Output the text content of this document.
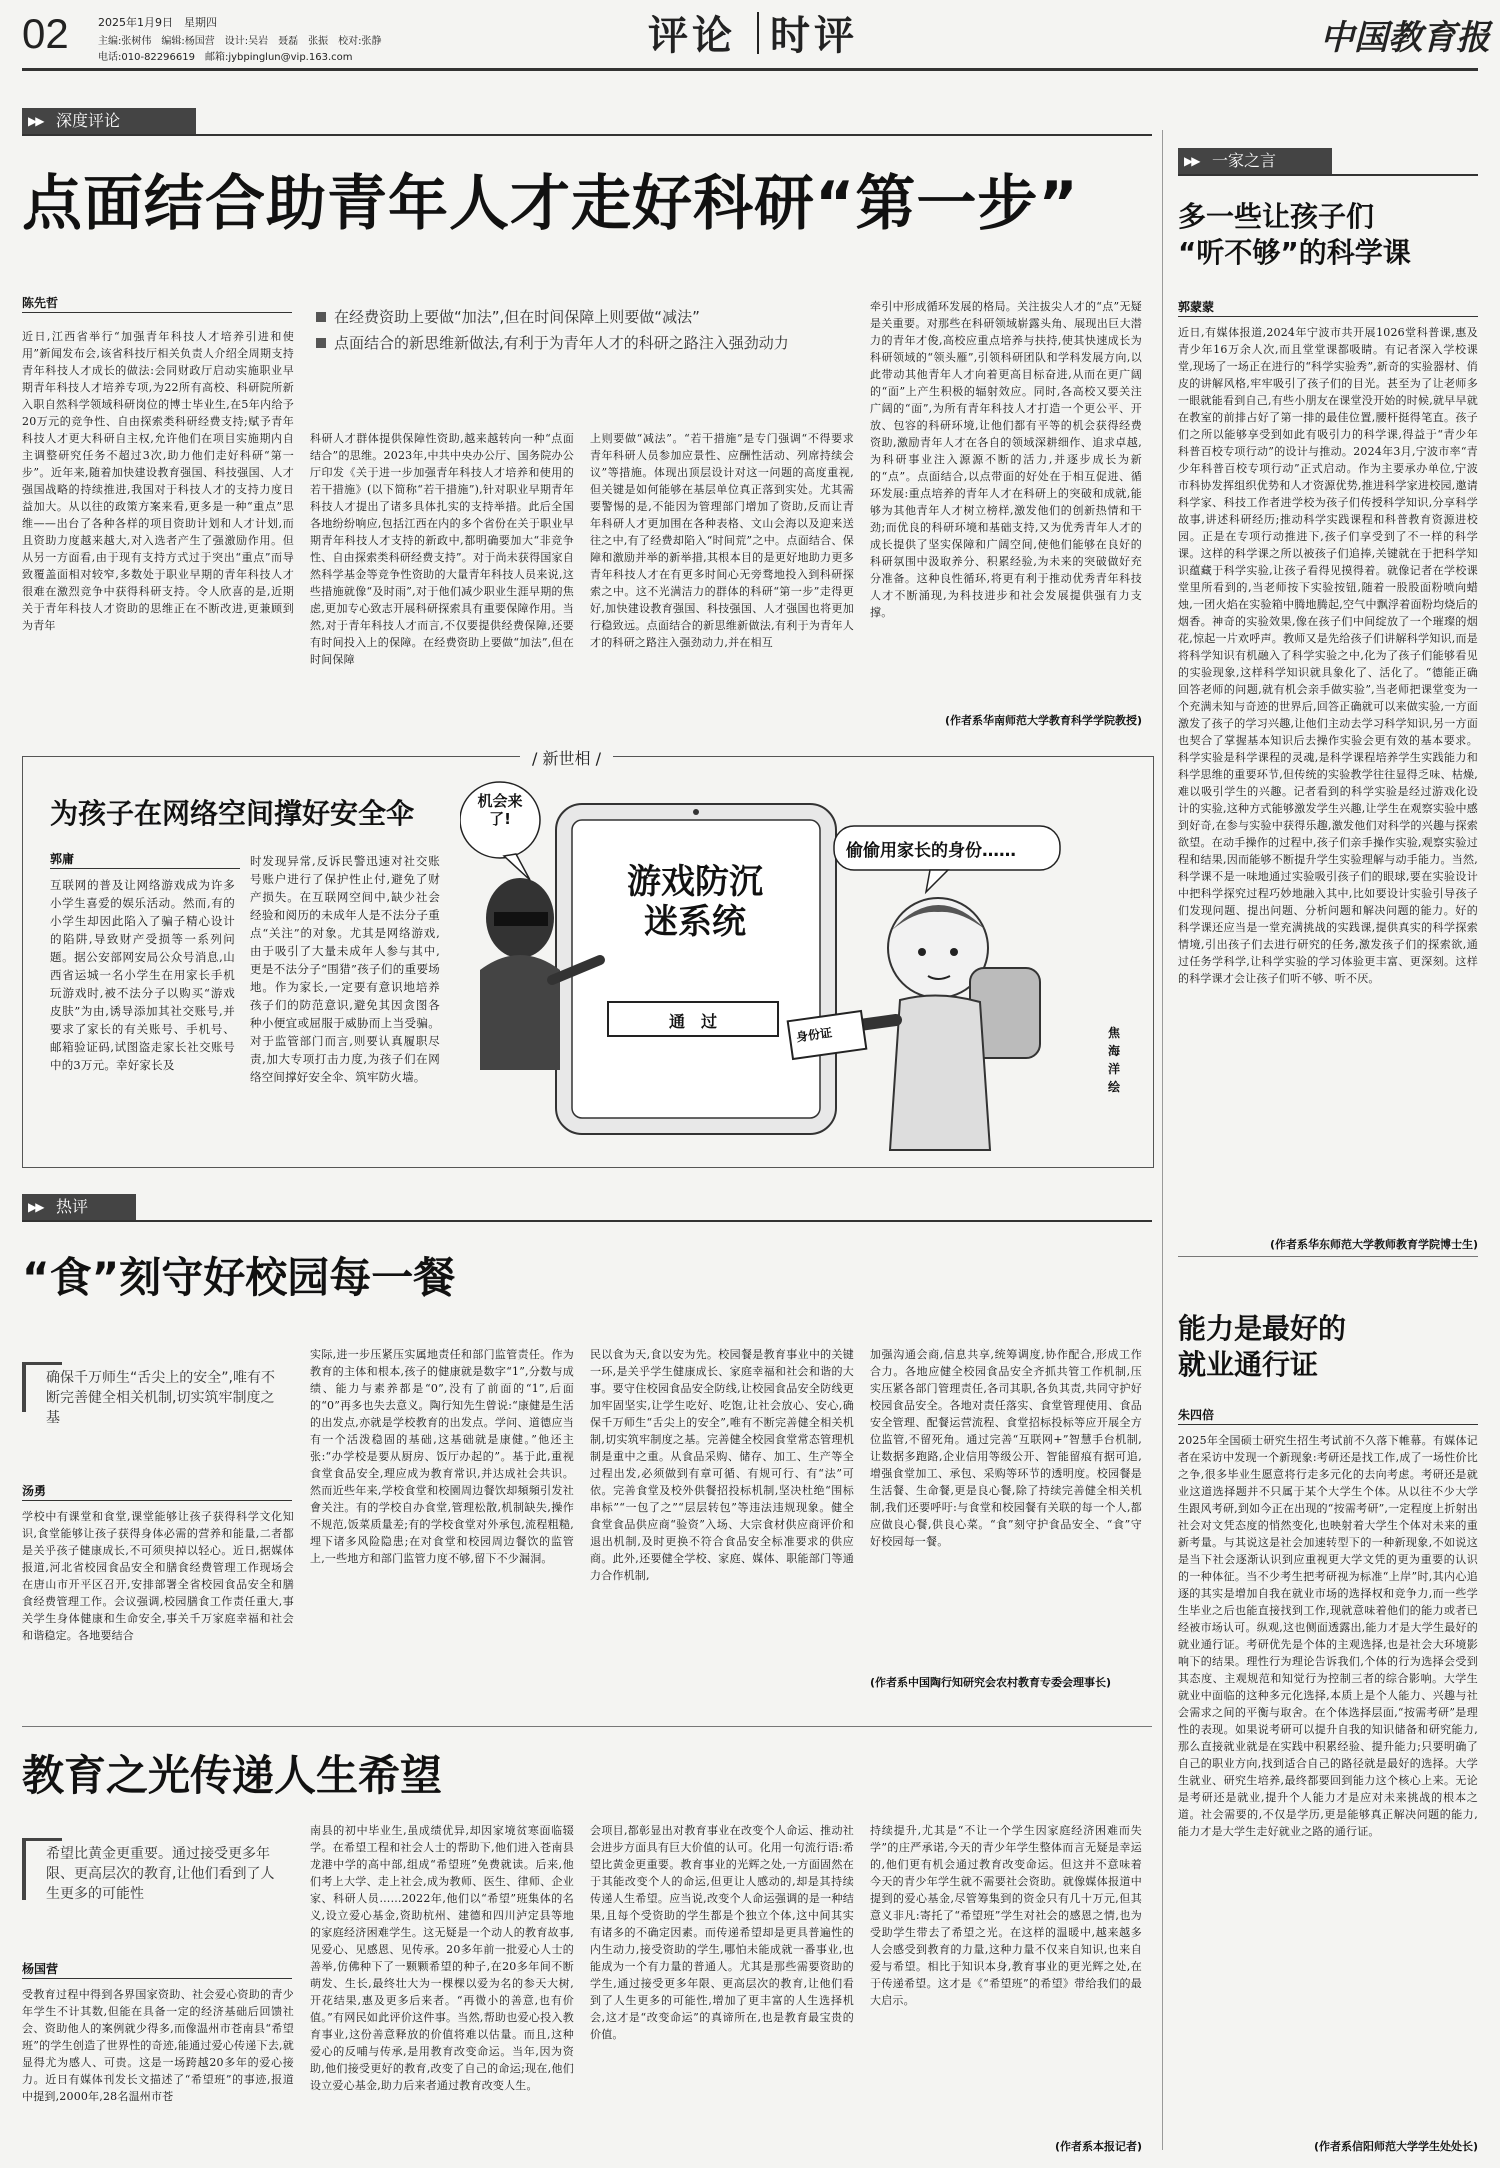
02	2025年1月9日　星期四
主编:张树伟　编辑:杨国营　设计:吴岩　聂磊　张振　校对:张静
电话:010-82296619　邮箱:jybpinglun@vip.163.com	评论 时评	中国教育报
▶▶ 深度评论
点面结合助青年人才走好科研“第一步”
陈先哲
在经费资助上要做“加法”,但在时间保障上则要做“减法”
点面结合的新思维新做法,有利于为青年人才的科研之路注入强劲动力
近日,江西省举行“加强青年科技人才培养引进和使用”新闻发布会,该省科技厅相关负责人介绍全周期支持青年科技人才成长的做法:会同财政厅启动实施职业早期青年科技人才培养专项,为22所有高校、科研院所新入职自然科学领域科研岗位的博士毕业生,在5年内给予20万元的竞争性、自由探索类科研经费支持;赋予青年科技人才更大科研自主权,允许他们在项目实施期内自主调整研究任务不超过3次,助力他们走好科研“第一步”。近年来,随着加快建设教育强国、科技强国、人才强国战略的持续推进,我国对于科技人才的支持力度日益加大。从以往的政策方案来看,更多是一种“重点”思维——出台了各种各样的项目资助计划和人才计划,而且资助力度越来越大,对入选者产生了强激励作用。但从另一方面看,由于现有支持方式过于突出“重点”而导致覆盖面相对较窄,多数处于职业早期的青年科技人才很难在激烈竞争中获得科研支持。令人欣喜的是,近期关于青年科技人才资助的思维正在不断改进,更兼顾到为青年
科研人才群体提供保障性资助,越来越转向一种“点面结合”的思维。2023年,中共中央办公厅、国务院办公厅印发《关于进一步加强青年科技人才培养和使用的若干措施》(以下简称“若干措施”),针对职业早期青年科技人才提出了诸多具体扎实的支持举措。此后全国各地纷纷响应,包括江西在内的多个省份在关于职业早期青年科技人才支持的新政中,都明确要加大“非竞争性、自由探索类科研经费支持”。对于尚未获得国家自然科学基金等竞争性资助的大量青年科技人员来说,这些措施就像“及时雨”,对于他们减少职业生涯早期的焦虑,更加专心致志开展科研探索具有重要保障作用。当然,对于青年科技人才而言,不仅要提供经费保障,还要有时间投入上的保障。在经费资助上要做“加法”,但在时间保障
上则要做“减法”。“若干措施”是专门强调“不得要求青年科研人员参加应景性、应酬性活动、列席持续会议”等措施。体现出顶层设计对这一问题的高度重视,但关键是如何能够在基层单位真正落到实处。尤其需要警惕的是,不能因为管理部门增加了资助,反而让青年科研人才更加围在各种表格、文山会海以及迎来送往之中,有了经费却陷入“时间荒”之中。点面结合、保障和激励并举的新举措,其根本目的是更好地助力更多青年科技人才在有更多时间心无旁骛地投入到科研探索之中。这不光满洁力的群体的科研“第一步”走得更好,加快建设教育强国、科技强国、人才强国也将更加行稳致远。点面结合的新思维新做法,有利于为青年人才的科研之路注入强劲动力,并在相互
牵引中形成循环发展的格局。关注拔尖人才的“点”无疑是关重要。对那些在科研领域崭露头角、展现出巨大潜力的青年才俊,高校应重点培养与扶持,使其快速成长为科研领域的“领头雁”,引领科研团队和学科发展方向,以此带动其他青年人才向着更高目标奋进,从而在更广阔的“面”上产生积极的辐射效应。同时,各高校又要关注广阔的“面”,为所有青年科技人才打造一个更公平、开放、包容的科研环境,让他们都有平等的机会获得经费资助,激励青年人才在各自的领域深耕细作、追求卓越,为科研事业注入源源不断的活力,并逐步成长为新的“点”。点面结合,以点带面的好处在于相互促进、循环发展:重点培养的青年人才在科研上的突破和成就,能够为其他青年人才树立榜样,激发他们的创新热情和干劲;而优良的科研环境和基础支持,又为优秀青年人才的成长提供了坚实保障和广阔空间,使他们能够在良好的科研氛围中汲取养分、积累经验,为未来的突破做好充分准备。这种良性循环,将更有利于推动优秀青年科技人才不断涌现,为科技进步和社会发展提供强有力支撑。
(作者系华南师范大学教育科学学院教授)
/ 新世相 /
为孩子在网络空间撑好安全伞
郭庸
互联网的普及让网络游戏成为许多小学生喜爱的娱乐活动。然而,有的小学生却因此陷入了骗子精心设计的陷阱,导致财产受损等一系列问题。据公安部网安局公众号消息,山西省运城一名小学生在用家长手机玩游戏时,被不法分子以购买“游戏皮肤”为由,诱导添加其社交账号,并要求了家长的有关账号、手机号、邮箱验证码,试图盗走家长社交账号中的3万元。幸好家长及
时发现异常,反诉民警迅速对社交账号账户进行了保护性止付,避免了财产损失。在互联网空间中,缺少社会经验和阅历的未成年人是不法分子重点“关注”的对象。尤其是网络游戏,由于吸引了大量未成年人参与其中,更是不法分子“围猎”孩子们的重要场地。作为家长,一定要有意识地培养孩子们的防范意识,避免其因贪图各种小便宜或屈服于威胁而上当受骗。对于监管部门而言,则要认真履职尽责,加大专项打击力度,为孩子们在网络空间撑好安全伞、筑牢防火墙。
机会来了!
偷偷用家长的身份……
游戏防沉迷系统
通　过
身份证	焦海洋　绘
▶▶ 热评
“食”刻守好校园每一餐
确保千万师生“舌尖上的安全”,唯有不断完善健全相关机制,切实筑牢制度之基
汤勇
学校中有课堂和食堂,课堂能够让孩子获得科学文化知识,食堂能够让孩子获得身体必需的营养和能量,二者都是关乎孩子健康成长,不可须臾掉以轻心。近日,据媒体报道,河北省校园食品安全和膳食经费管理工作现场会在唐山市开平区召开,安排部署全省校园食品安全和膳食经费管理工作。会议强调,校园膳食工作责任重大,事关学生身体健康和生命安全,事关千万家庭幸福和社会和谐稳定。各地要结合
实际,进一步压紧压实属地责任和部门监管责任。作为教育的主体和根本,孩子的健康就是数字“1”,分数与成绩、能力与素养都是“0”,没有了前面的“1”,后面的“0”再多也失去意义。陶行知先生曾说:“康健是生活的出发点,亦就是学校教育的出发点。学问、道德应当有一个活泼稳固的基础,这基础就是康健。”他还主张:“办学校是要从厨房、饭厅办起的”。基于此,重视食堂食品安全,理应成为教育常识,并达成社会共识。然而近些年来,学校食堂和校園周边餐饮却頻頻引发社會关注。有的学校自办食堂,管理松散,机制缺失,操作不规范,饭菜质量差;有的学校食堂对外承包,流程粗糙,埋下诸多风险隐患;在对食堂和校园周边餐饮的监管上,一些地方和部门监管力度不够,留下不少漏洞。
民以食为天,食以安为先。校园餐是教育事业中的关键一环,是关乎学生健康成长、家庭幸福和社会和谐的大事。要守住校园食品安全防线,让校园食品安全防线更加牢固坚实,让学生吃好、吃饱,让社会放心、安心,确保千万师生“舌尖上的安全”,唯有不断完善健全相关机制,切实筑牢制度之基。完善健全校园食堂常态管理机制是重中之重。从食品采购、储存、加工、生产等全过程出发,必须做到有章可循、有规可行、有“法”可依。完善食堂及校外供餐招投标机制,坚决杜绝“围标串标”“一包了之”“层层转包”等违法违规现象。健全食堂食品供应商“验资”入场、大宗食材供应商评价和退出机制,及时更换不符合食品安全标准要求的供应商。此外,还要健全学校、家庭、媒体、职能部门等通力合作机制,
加强沟通会商,信息共享,统筹调度,协作配合,形成工作合力。各地应健全校园食品安全齐抓共管工作机制,压实压紧各部门管理责任,各司其职,各负其责,共同守护好校园食品安全。各地对责任落实、食堂管理使用、食品安全管理、配餐运营流程、食堂招标投标等应开展全方位监管,不留死角。通过完善“互联网+”智慧手台机制,让数据多跑路,企业信用等级公开、智能留痕有据可追,增强食堂加工、承包、采购等环节的透明度。校园餐是生活餐、生命餐,更是良心餐,除了持续完善健全相关机制,我们还要呼吁:与食堂和校园餐有关联的每一个人,都应做良心餐,供良心菜。“食”刻守护食品安全、“食”守好校园每一餐。
(作者系中国陶行知研究会农村教育专委会理事长)
教育之光传递人生希望
希望比黄金更重要。通过接受更多年限、更高层次的教育,让他们看到了人生更多的可能性
杨国营
受教育过程中得到各界国家资助、社会爱心资助的青少年学生不计其数,但能在具备一定的经济基础后回馈社会、资助他人的案例就少得多,而像温州市苍南县“希望班”的学生创造了世界性的奇迹,能通过爱心传递下去,就显得尤为感人、可贵。这是一场跨越20多年的爱心接力。近日有媒体刊发长文描述了“希望班”的事迹,报道中提到,2000年,28名温州市苍
南县的初中毕业生,虽成绩优异,却因家境贫寒面临辍学。在希望工程和社会人士的帮助下,他们进入苍南县龙港中学的高中部,组成“希望班”免费就读。后来,他们考上大学、走上社会,成为教师、医生、律师、企业家、科研人员……2022年,他们以“希望”班集体的名义,设立爱心基金,资助杭州、建德和四川泸定县等地的家庭经济困难学生。这无疑是一个动人的教育故事,见爱心、见感恩、见传承。20多年前一批爱心人士的善举,仿佛种下了一颗颗希望的种子,在20多年间不断萌发、生长,最终壮大为一棵棵以爱为名的参天大树,开花结果,惠及更多后来者。“再微小的善意,也有价值。”有网民如此评价这件事。当然,帮助也爱心投入教育事业,这份善意释放的价值将难以估量。而且,这种爱心的反哺与传承,是用教育改变命运。当年,因为资助,他们接受更好的教育,改变了自己的命运;现在,他们设立爱心基金,助力后来者通过教育改变人生。
会项目,都彰显出对教育事业在改变个人命运、推动社会进步方面具有巨大价值的认可。化用一句流行语:希望比黄金更重要。教育事业的光辉之处,一方面固然在于其能改变个人的命运,但更让人感动的,却是其持续传递人生希望。应当说,改变个人命运强调的是一种结果,且每个受资助的学生都是个独立个体,这中间其实有诸多的不确定因素。而传递希望却是更具普遍性的内生动力,接受资助的学生,哪怕未能成就一番事业,也能成为一个有力量的普通人。尤其是那些需要资助的学生,通过接受更多年限、更高层次的教育,让他们看到了人生更多的可能性,增加了更丰富的人生选择机会,这才是“改变命运”的真谛所在,也是教育最宝贵的价值。
持续提升,尤其是“不让一个学生因家庭经济困难而失学”的庄严承诺,今天的青少年学生整体而言无疑是幸运的,他们更有机会通过教育改变命运。但这并不意味着今天的青少年学生就不需要社会资助。就像媒体报道中提到的爱心基金,尽管筹集到的资金只有几十万元,但其意义非凡:寄托了“希望班”学生对社会的感恩之情,也为受助学生带去了希望之光。在这样的温暖中,越来越多人会感受到教育的力量,这种力量不仅来自知识,也来自爱与希望。相比于知识本身,教育事业的更光辉之处,在于传递希望。这才是《“希望班”的希望》带给我们的最大启示。
(作者系本报记者)
▶▶ 一家之言
多一些让孩子们
“听不够”的科学课
郭蒙蒙
近日,有媒体报道,2024年宁波市共开展1026堂科普课,惠及青少年16万余人次,而且堂堂课都吸睛。有记者深入学校课堂,现场了一场正在进行的“科学实验秀”,新奇的实验器材、俏皮的讲解风格,牢牢吸引了孩子们的目光。甚至为了让老师多一眼就能看到自己,有些小朋友在课堂没开始的时候,就早早就在教室的前排占好了第一排的最佳位置,腰杆挺得笔直。孩子们之所以能够享受到如此有吸引力的科学课,得益于“青少年科普百校专项行动”的设计与推动。2024年3月,宁波市率“青少年科普百校专项行动”正式启动。作为主要承办单位,宁波市科协发挥组织优势和人才资源优势,推进科学家进校园,邀请科学家、科技工作者进学校为孩子们传授科学知识,分享科学故事,讲述科研经历;推动科学实践课程和科普教育资源进校园。正是在专项行动推进下,孩子们享受到了不一样的科学课。这样的科学课之所以被孩子们追捧,关键就在于把科学知识蕴藏于科学实验,让孩子看得见摸得着。就像记者在学校课堂里所看到的,当老师按下实验按钮,随着一股股面粉喷向蜡烛,一团火焰在实验箱中腾地腾起,空气中飘浮着面粉均烧后的烟香。神奇的实验效果,像在孩子们中间绽放了一个璀璨的烟花,惊起一片欢呼声。教师又是先给孩子们讲解科学知识,而是将科学知识有机融入了科学实验之中,化为了孩子们能够看见的实验现象,这样科学知识就具象化了、活化了。“德能正确回答老师的问题,就有机会亲手做实验”,当老师把课堂变为一个充满未知与奇迹的世界后,回答正确就可以来做实验,一方面激发了孩子的学习兴趣,让他们主动去学习科学知识,另一方面也契合了掌握基本知识后去操作实验会更有效的基本要求。科学实验是科学课程的灵魂,是科学课程培养学生实践能力和科学思维的重要环节,但传统的实验教学往往显得乏味、枯燥,难以吸引学生的兴趣。记者看到的科学实验是经过游戏化设计的实验,这种方式能够激发学生兴趣,让学生在观察实验中感到好奇,在参与实验中获得乐趣,激发他们对科学的兴趣与探索欲望。在动手操作的过程中,孩子们亲手操作实验,观察实验过程和结果,因而能够不断提升学生实验理解与动手能力。当然,科学课不是一味地通过实验吸引孩子们的眼球,要在实验设计中把科学探究过程巧妙地融入其中,比如要设计实验引导孩子们发现问题、提出问题、分析问题和解决问题的能力。好的科学课还应当是一堂充满挑战的实践课,提供真实的科学探索情境,引出孩子们去进行研究的任务,激发孩子们的探索欲,通过任务学科学,让科学实验的学习体验更丰富、更深刻。这样的科学课才会让孩子们听不够、听不厌。
(作者系华东师范大学教师教育学院博士生)
能力是最好的
就业通行证
朱四倍
2025年全国硕士研究生招生考试前不久落下帷幕。有媒体记者在采访中发现一个新现象:考研还是找工作,成了一场性价比之争,很多毕业生愿意将行走多元化的去向考虑。考研还是就业这道选择题并不只属于某个大学生个体。从以往不少大学生跟风考研,到如今正在出现的“按需考研”,一定程度上折射出社会对文凭态度的悄然变化,也映射着大学生个体对未来的重新考量。与其说这是社会加速转型下的一种新现象,不如说这是当下社会逐渐认识到应重视更大学文凭的更为重要的认识的一种体征。当不少考生把考研视为标准“上岸”时,其内心追逐的其实是增加自我在就业市场的选择权和竞争力,而一些学生毕业之后也能直接找到工作,现就意味着他们的能力或者已经被市场认可。纵观,这也侧面透露出,能力才是大学生最好的就业通行证。考研优先是个体的主观选择,也是社会大环境影响下的结果。理性行为理论告诉我们,个体的行为选择会受到其态度、主观规范和知觉行为控制三者的综合影响。大学生就业中面临的这种多元化选择,本质上是个人能力、兴趣与社会需求之间的平衡与取舍。在个体选择层面,“按需考研”是理性的表现。如果说考研可以提升自我的知识储备和研究能力,那么直接就业就是在实践中积累经验、提升能力;只要明确了自己的职业方向,找到适合自己的路径就是最好的选择。大学生就业、研究生培养,最终都要回到能力这个核心上来。无论是考研还是就业,提升个人能力才是应对未来挑战的根本之道。社会需要的,不仅是学历,更是能够真正解决问题的能力,能力才是大学生走好就业之路的通行证。
(作者系信阳师范大学学生处处长)
